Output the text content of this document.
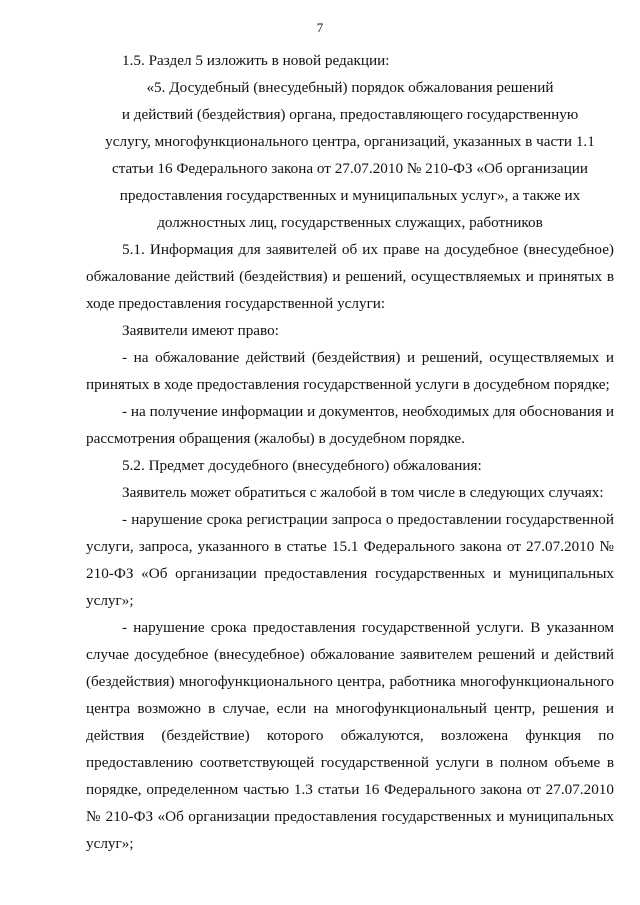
7

1.5. Раздел 5 изложить в новой редакции:

«5. Досудебный (внесудебный) порядок обжалования решений

и действий (бездействия) органа, предоставляющего государственную

услугу, многофункционального центра, организаций, указанных в части 1.1

статьи 16 Федерального закона от 27.07.2010 № 210-ФЗ «Об организации

предоставления государственных и муниципальных услуг», а также их

должностных лиц, государственных служащих, работников

5.1. Информация для заявителей об их праве на досудебное (внесудебное) обжалование действий (бездействия) и решений, осуществляемых и принятых в ходе предоставления государственной услуги:

Заявители имеют право:

- на обжалование действий (бездействия) и решений, осуществляемых и принятых в ходе предоставления государственной услуги в досудебном порядке;

- на получение информации и документов, необходимых для обоснования и рассмотрения обращения (жалобы) в досудебном порядке.

5.2. Предмет досудебного (внесудебного) обжалования:

Заявитель может обратиться с жалобой в том числе в следующих случаях:

- нарушение срока регистрации запроса о предоставлении государственной услуги, запроса, указанного в статье 15.1 Федерального закона от 27.07.2010 № 210-ФЗ «Об организации предоставления государственных и муниципальных услуг»;

- нарушение срока предоставления государственной услуги. В указанном случае досудебное (внесудебное) обжалование заявителем решений и действий (бездействия) многофункционального центра, работника многофункционального центра возможно в случае, если на многофункциональный центр, решения и действия (бездействие) которого обжалуются, возложена функция по предоставлению соответствующей государственной услуги в полном объеме в порядке, определенном частью 1.3 статьи 16 Федерального закона от 27.07.2010 № 210-ФЗ «Об организации предоставления государственных и муниципальных услуг»;
